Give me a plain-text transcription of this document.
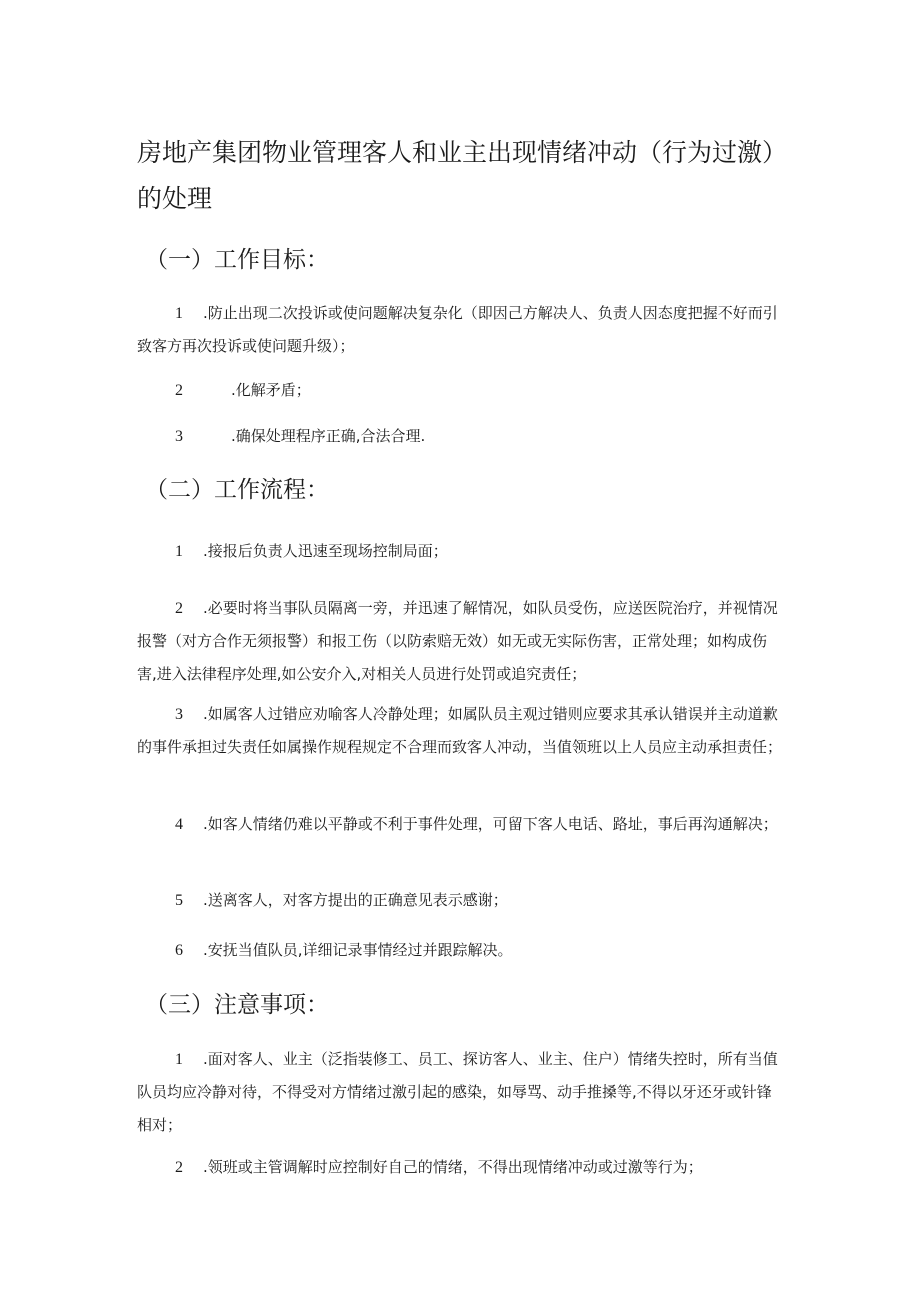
房地产集团物业管理客人和业主出现情绪冲动（行为过激）的处理
（一）工作目标：

1 .防止出现二次投诉或使问题解决复杂化（即因己方解决人、负责人因态度把握不好而引致客方再次投诉或使问题升级）；

2	.化解矛盾；

3	.确保处理程序正确,合法合理.

（二）工作流程：

1 .接报后负责人迅速至现场控制局面；

2 .必要时将当事队员隔离一旁，并迅速了解情况，如队员受伤，应送医院治疗，并视情况报警（对方合作无须报警）和报工伤（以防索赔无效）如无或无实际伤害，正常处理；如构成伤害,进入法律程序处理,如公安介入,对相关人员进行处罚或追究责任；

3 .如属客人过错应劝喻客人冷静处理；如属队员主观过错则应要求其承认错误并主动道歉的事件承担过失责任如属操作规程规定不合理而致客人冲动，当值领班以上人员应主动承担责任；

4 .如客人情绪仍难以平静或不利于事件处理，可留下客人电话、路址，事后再沟通解决；

5 .送离客人，对客方提出的正确意见表示感谢；

6 .安抚当值队员,详细记录事情经过并跟踪解决。

（三）注意事项：

1 .面对客人、业主（泛指装修工、员工、探访客人、业主、住户）情绪失控时，所有当值队员均应冷静对待，不得受对方情绪过激引起的感染，如辱骂、动手推搡等,不得以牙还牙或针锋相对；

2 .领班或主管调解时应控制好自己的情绪，不得出现情绪冲动或过激等行为；
